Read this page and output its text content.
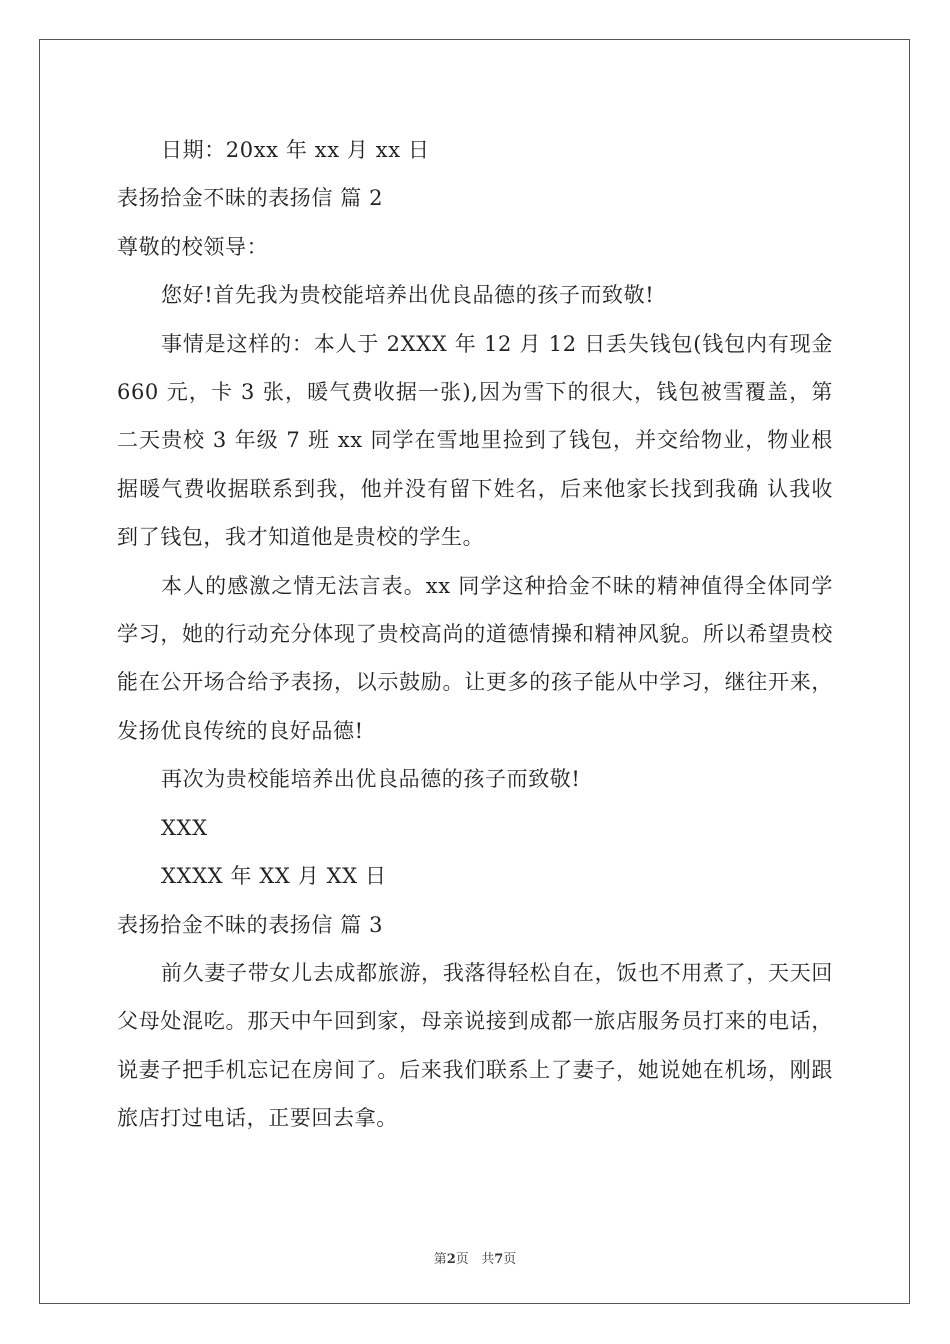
日期：20xx 年 xx 月 xx 日

表扬拾金不昧的表扬信 篇 2

尊敬的校领导：

您好!首先我为贵校能培养出优良品德的孩子而致敬!

事情是这样的：本人于 2XXX 年 12 月 12 日丢失钱包(钱包内有现金 660 元，卡 3 张，暖气费收据一张),因为雪下的很大，钱包被雪覆盖，第二天贵校 3 年级 7 班 xx 同学在雪地里捡到了钱包，并交给物业，物业根据暖气费收据联系到我，他并没有留下姓名，后来他家长找到我确 认我收到了钱包，我才知道他是贵校的学生。

本人的感激之情无法言表。xx 同学这种拾金不昧的精神值得全体同学学习，她的行动充分体现了贵校高尚的道德情操和精神风貌。所以希望贵校能在公开场合给予表扬，以示鼓励。让更多的孩子能从中学习，继往开来，发扬优良传统的良好品德!

再次为贵校能培养出优良品德的孩子而致敬!

XXX

XXXX 年 XX 月 XX 日

表扬拾金不昧的表扬信 篇 3

前久妻子带女儿去成都旅游，我落得轻松自在，饭也不用煮了，天天回父母处混吃。那天中午回到家，母亲说接到成都一旅店服务员打来的电话，说妻子把手机忘记在房间了。后来我们联系上了妻子，她说她在机场，刚跟旅店打过电话，正要回去拿。

第2页 共7页
